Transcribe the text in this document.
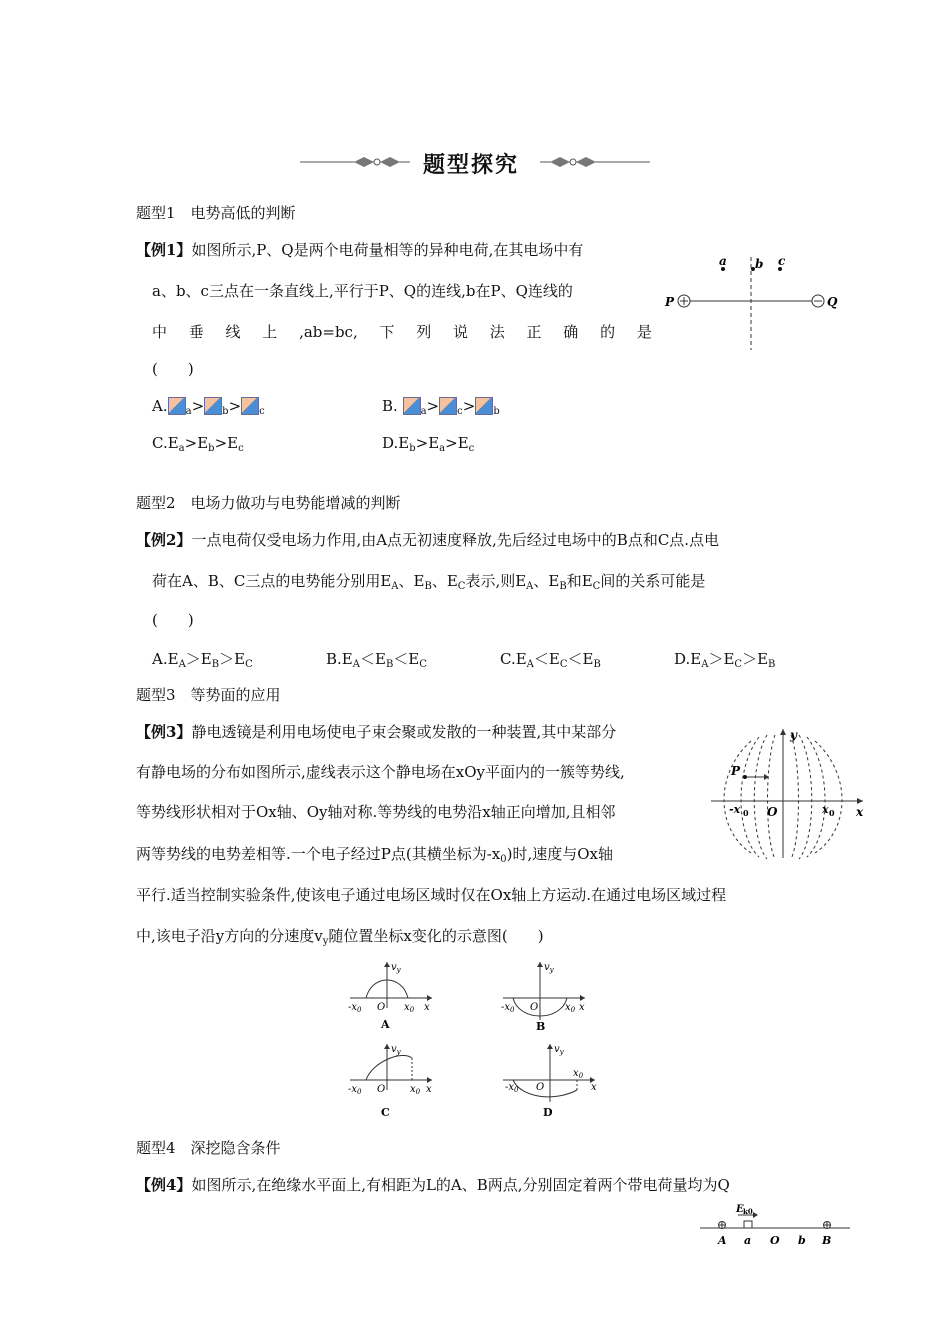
题型探究
题型1　电势高低的判断
【例1】如图所示,P、Q是两个电荷量相等的异种电荷,在其电场中有
a、b、c三点在一条直线上,平行于P、Q的连线,b在P、Q连线的
中 垂 线 上 ,ab=bc, 下 列 说 法 正 确 的 是
(　　)
A. $_a$> $_b$> $_c$	B. $_a$> $_c$> $_b$
$C.E_a>E_b>E_c$	$D.E_b>E_a>E_c$
a b c
P	Q
题型2　电场力做功与电势能增减的判断
【例2】一点电荷仅受电场力作用,由A点无初速度释放,先后经过电场中的B点和C点.点电
荷在A、B、C三点的电势能分别用$E_A$、$E_B$、$E_C$表示,则$E_A$、$E_B$和$E_C$间的关系可能是
(　　)
$A.E_A>E_B>E_C$	$B.E_A<E_B<E_C$	$C.E_A<E_C<E_B$	$D.E_A>E_C>E_B$
题型3　等势面的应用
【例3】静电透镜是利用电场使电子束会聚或发散的一种装置,其中某部分
有静电场的分布如图所示,虚线表示这个静电场在xOy平面内的一簇等势线,
等势线形状相对于Ox轴、Oy轴对称.等势线的电势沿x轴正向增加,且相邻
两等势线的电势差相等.一个电子经过P点(其横坐标为$-x_0$)时,速度与Ox轴
平行.适当控制实验条件,使该电子通过电场区域时仅在Ox轴上方运动.在通过电场区域过程
中,该电子沿y方向的分速度$v_y$随位置坐标x变化的示意图(　　)
P
y
x
O
-x 0	x 0
$v_y$
$-x_0$ O $x_0$ x
A
$v_y$
$-x_0$ O	$x_0$ x
B
$v_y$
$-x_0$ O $x_0$ x
C
$v_y$
$-x_0$ O
$x_0$
x
D
题型4　深挖隐含条件
【例4】如图所示,在绝缘水平面上,有相距为L的A、B两点,分别固定着两个带电荷量均为Q
E k0
A a O b B
